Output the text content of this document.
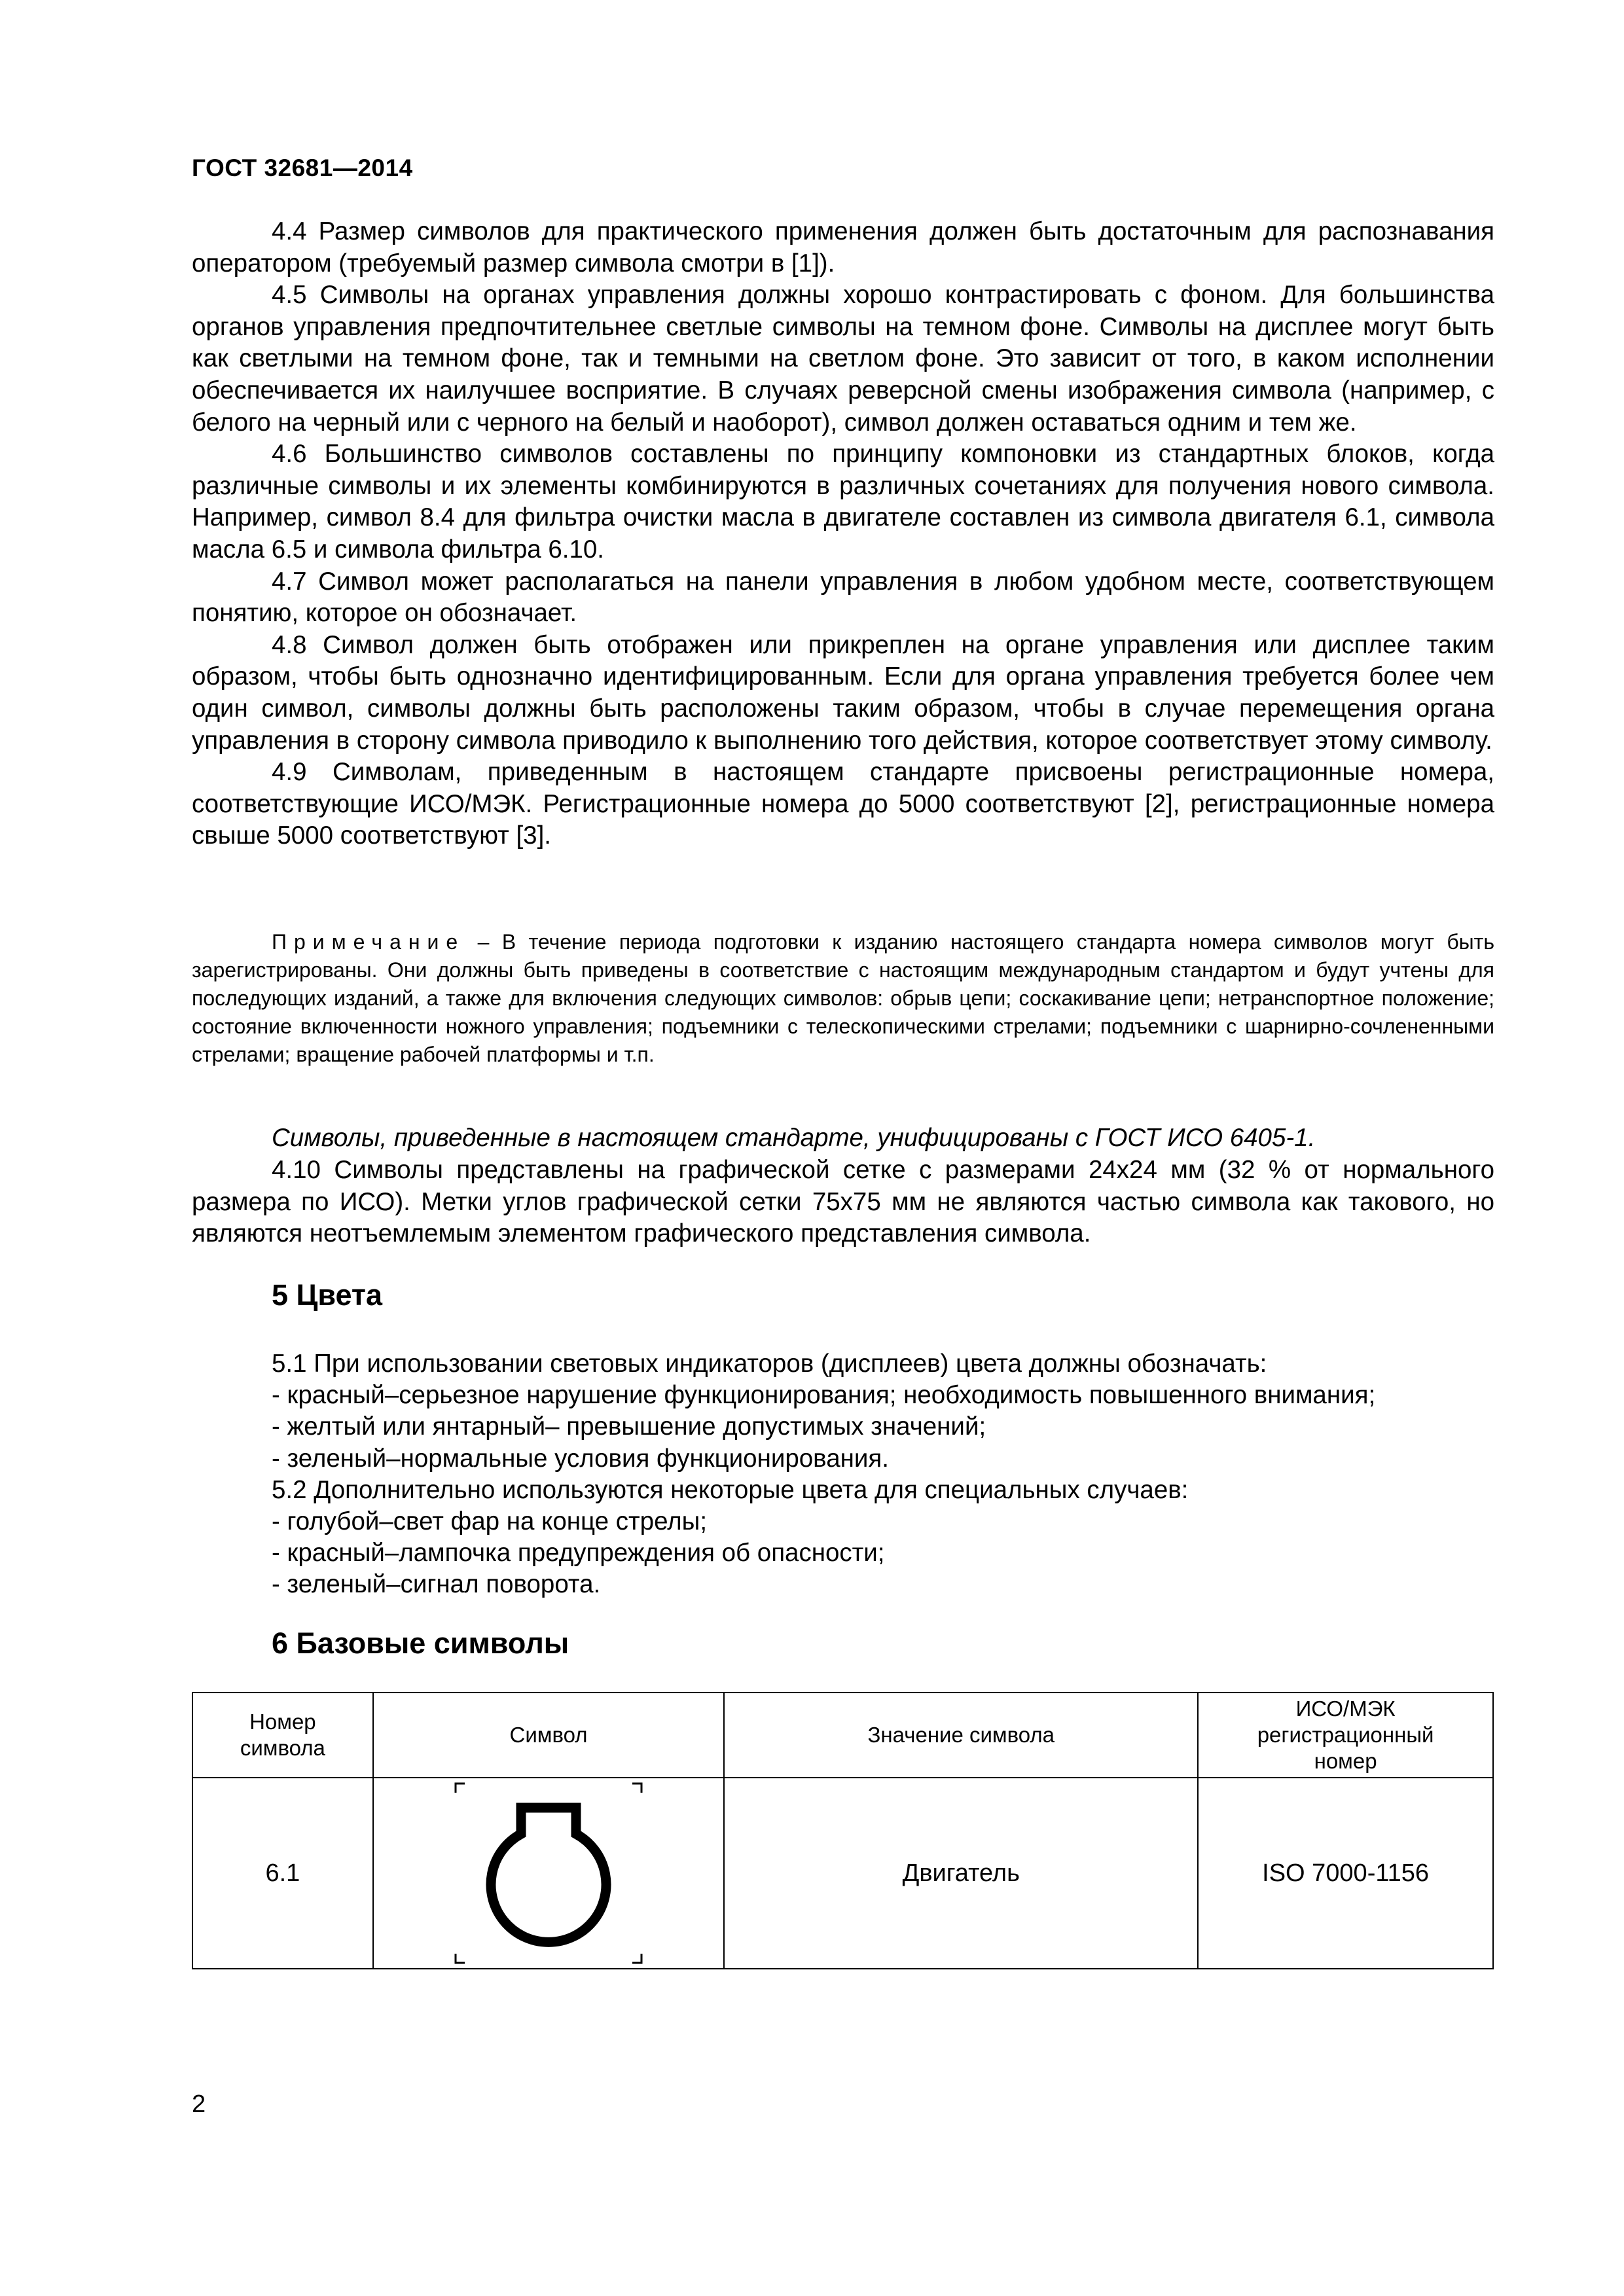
ГОСТ 32681—2014

4.4 Размер символов для практического применения должен быть достаточным для распознавания оператором (требуемый размер символа смотри в [1]).

4.5 Символы на органах управления должны хорошо контрастировать с фоном. Для большинства органов управления предпочтительнее светлые символы на темном фоне. Символы на дисплее могут быть как светлыми на темном фоне, так и темными на светлом фоне. Это зависит от того, в каком исполнении обеспечивается их наилучшее восприятие. В случаях реверсной смены изображения символа (например, с белого на черный или с черного на белый и наоборот), символ должен оставаться одним и тем же.

4.6 Большинство символов составлены по принципу компоновки из стандартных блоков, когда различные символы и их элементы комбинируются в различных сочетаниях для получения нового символа. Например, символ 8.4 для фильтра очистки масла в двигателе составлен из символа двигателя 6.1, символа масла 6.5 и символа фильтра 6.10.

4.7 Символ может располагаться на панели управления в любом удобном месте, соответствующем понятию, которое он обозначает.

4.8 Символ должен быть отображен или прикреплен на органе управления или дисплее таким образом, чтобы быть однозначно идентифицированным. Если для органа управления требуется более чем один символ, символы должны быть расположены таким образом, чтобы в случае перемещения органа управления в сторону символа приводило к выполнению того действия, которое соответствует этому символу.

4.9 Символам, приведенным в настоящем стандарте присвоены регистрационные номера, соответствующие ИСО/МЭК. Регистрационные номера до 5000 соответствуют [2], регистрационные номера свыше 5000 соответствуют [3].

Примечание – В течение периода подготовки к изданию настоящего стандарта номера символов могут быть зарегистрированы. Они должны быть приведены в соответствие с настоящим международным стандартом и будут учтены для последующих изданий, а также для включения следующих символов: обрыв цепи; соскакивание цепи; нетранспортное положение; состояние включенности ножного управления; подъемники с телескопическими стрелами; подъемники с шарнирно-сочлененными стрелами; вращение рабочей платформы и т.п.
Символы, приведенные в настоящем стандарте, унифицированы с ГОСТ ИСО 6405-1.

4.10 Символы представлены на графической сетке с размерами 24x24 мм (32 % от нормального размера по ИСО). Метки углов графической сетки 75x75 мм не являются частью символа как такового, но являются неотъемлемым элементом графического представления символа.

5 Цвета
5.1 При использовании световых индикаторов (дисплеев) цвета должны обозначать:
- красный–серьезное нарушение функционирования; необходимость повышенного внимания;
- желтый или янтарный– превышение допустимых значений;
- зеленый–нормальные условия функционирования.
5.2 Дополнительно используются некоторые цвета для специальных случаев:
- голубой–свет фар на конце стрелы;
- красный–лампочка предупреждения об опасности;
- зеленый–сигнал поворота.
6 Базовые символы
Номер символа	Символ	Значение символа	ИСО/МЭК регистрационный номер

6.1		Двигатель	ISO 7000-1156
2
